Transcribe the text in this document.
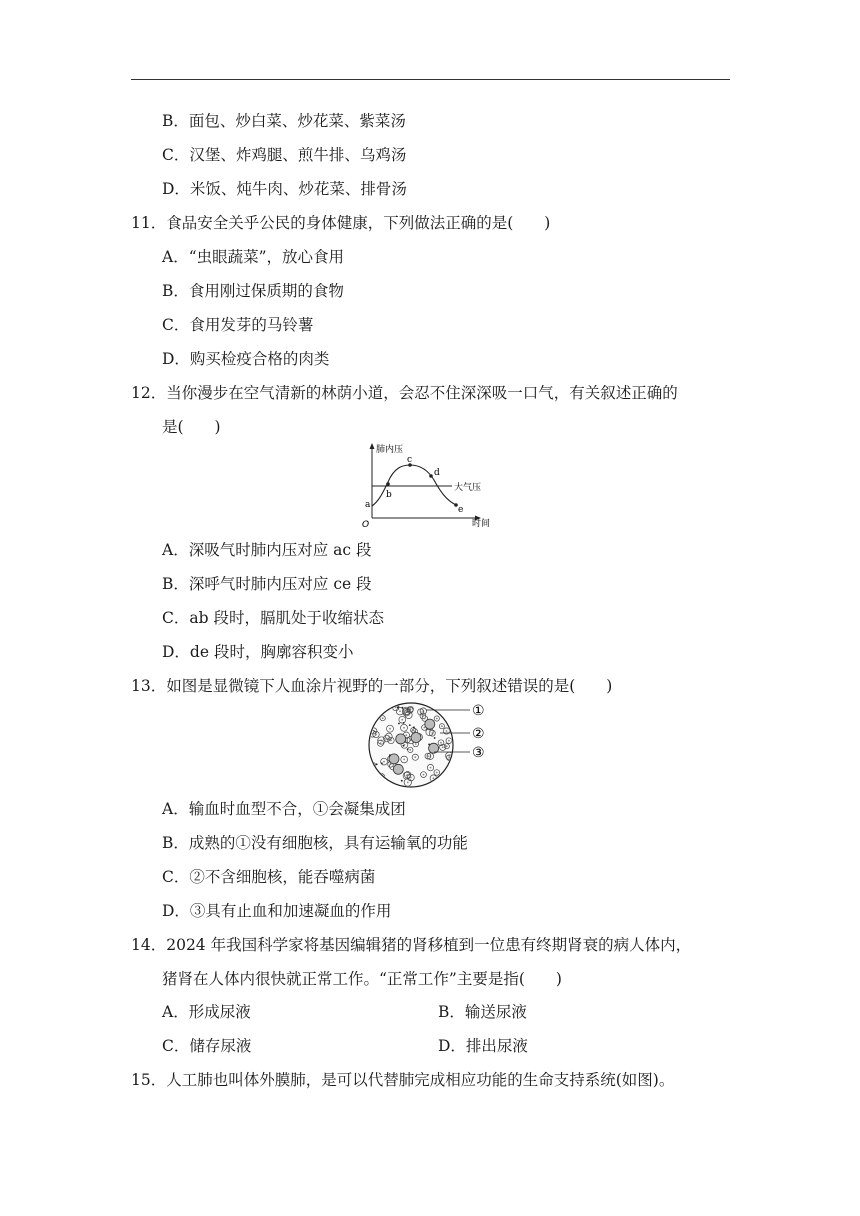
B．面包、炒白菜、炒花菜、紫菜汤
C．汉堡、炸鸡腿、煎牛排、乌鸡汤
D．米饭、炖牛肉、炒花菜、排骨汤
11．食品安全关乎公民的身体健康，下列做法正确的是(　　)
A．“虫眼蔬菜”，放心食用
B．食用刚过保质期的食物
C．食用发芽的马铃薯
D．购买检疫合格的肉类
12．当你漫步在空气清新的林荫小道，会忍不住深深吸一口气，有关叙述正确的
是(　　)
肺内压
大气压
O	时间
a
b
c
d
e
A．深吸气时肺内压对应 ac 段
B．深呼气时肺内压对应 ce 段
C．ab 段时，膈肌处于收缩状态
D．de 段时，胸廓容积变小
13．如图是显微镜下人血涂片视野的一部分，下列叙述错误的是(　　)
①
②
③
A．输血时血型不合，①会凝集成团
B．成熟的①没有细胞核，具有运输氧的功能
C．②不含细胞核，能吞噬病菌
D．③具有止血和加速凝血的作用
14．2024 年我国科学家将基因编辑猪的肾移植到一位患有终期肾衰的病人体内，
猪肾在人体内很快就正常工作。“正常工作”主要是指(　　)
A．形成尿液	B．输送尿液
C．储存尿液	D．排出尿液
15．人工肺也叫体外膜肺，是可以代替肺完成相应功能的生命支持系统(如图)。
